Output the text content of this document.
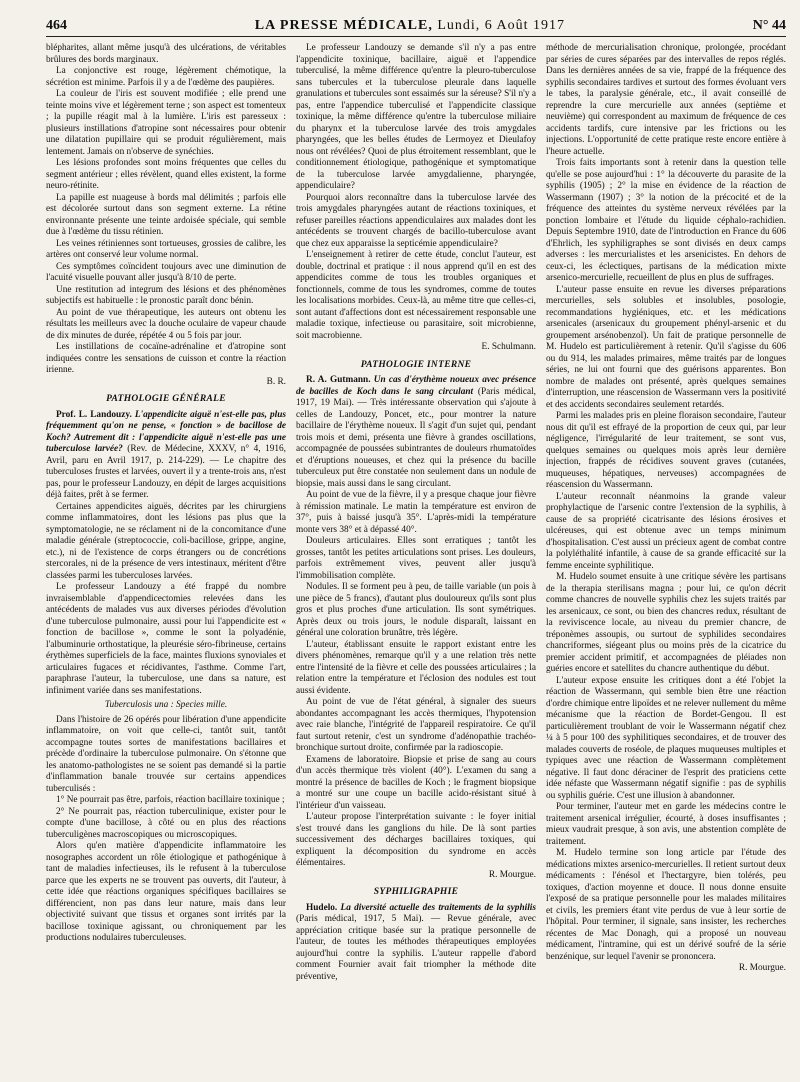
464	LA PRESSE MÉDICALE, Lundi, 6 Août 1917	N° 44

blépharites, allant même jusqu'à des ulcérations, de véritables brûlures des bords marginaux.

La conjonctive est rouge, légèrement chémotique, la sécrétion est minime. Parfois il y a de l'œdème des paupières.

La couleur de l'iris est souvent modifiée ; elle prend une teinte moins vive et légèrement terne ; son aspect est tomenteux ; la pupille réagit mal à la lumière. L'iris est paresseux : plusieurs instillations d'atropine sont nécessaires pour obtenir une dilatation pupillaire qui se produit régulièrement, mais lentement. Jamais on n'observe de synéchies.

Les lésions profondes sont moins fréquentes que celles du segment antérieur ; elles révèlent, quand elles existent, la forme neuro-rétinite.

La papille est nuageuse à bords mal délimités ; parfois elle est décolorée surtout dans son segment externe. La rétine environnante présente une teinte ardoisée spéciale, qui semble due à l'œdème du tissu rétinien.

Les veines rétiniennes sont tortueuses, grossies de calibre, les artères ont conservé leur volume normal.

Ces symptômes coïncident toujours avec une diminution de l'acuité visuelle pouvant aller jusqu'à 8/10 de perte.

Une restitution ad integrum des lésions et des phénomènes subjectifs est habituelle : le pronostic paraît donc bénin.

Au point de vue thérapeutique, les auteurs ont obtenu les résultats les meilleurs avec la douche oculaire de vapeur chaude de dix minutes de durée, répétée 4 ou 5 fois par jour.

Les instillations de cocaïne-adrénaline et d'atropine sont indiquées contre les sensations de cuisson et contre la réaction irienne.

B. R.
PATHOLOGIE GÉNÉRALE

Prof. L. Landouzy. L'appendicite aiguë n'est-elle pas, plus fréquemment qu'on ne pense, « fonction » de bacillose de Koch? Autrement dit : l'appendicite aiguë n'est-elle pas une tuberculose larvée? (Rev. de Médecine, XXXV, n° 4, 1916, Avril, paru en Avril 1917, p. 214-229). — Le chapitre des tuberculoses frustes et larvées, ouvert il y a trente-trois ans, n'est pas, pour le professeur Landouzy, en dépit de larges acquisitions déjà faites, prêt à se fermer.

Certaines appendicites aiguës, décrites par les chirurgiens comme inflammatoires, dont les lésions pas plus que la symptomatologie, ne se réclament ni de la concomitance d'une maladie générale (streptococcie, coli-bacillose, grippe, angine, etc.), ni de l'existence de corps étrangers ou de concrétions stercorales, ni de la présence de vers intestinaux, méritent d'être classées parmi les tuberculoses larvées.

Le professeur Landouzy a été frappé du nombre invraisemblable d'appendicectomies relevées dans les antécédents de malades vus aux diverses périodes d'évolution d'une tuberculose pulmonaire, aussi pour lui l'appendicite est « fonction de bacillose », comme le sont la polyadénie, l'albuminurie orthostatique, la pleurésie séro-fibrineuse, certains érythèmes superficiels de la face, maintes fluxions synoviales et articulaires fugaces et récidivantes, l'asthme. Comme l'art, paraphrase l'auteur, la tuberculose, une dans sa nature, est infiniment variée dans ses manifestations.

Tuberculosis una : Species mille.

Dans l'histoire de 26 opérés pour libération d'une appendicite inflammatoire, on voit que celle-ci, tantôt suit, tantôt accompagne toutes sortes de manifestations bacillaires et précède d'ordinaire la tuberculose pulmonaire. On s'étonne que les anatomo-pathologistes ne se soient pas demandé si la partie d'inflammation banale trouvée sur certains appendices tuberculisés :

1° Ne pourrait pas être, parfois, réaction bacillaire toxinique ;

2° Ne pourrait pas, réaction tuberculinique, exister pour le compte d'une bacillose, à côté ou en plus des réactions tuberculigènes macroscopiques ou microscopiques.

Alors qu'en matière d'appendicite inflammatoire les nosographes accordent un rôle étiologique et pathogénique à tant de maladies infectieuses, ils le refusent à la tuberculose parce que les experts ne se trouvent pas ouverts, dit l'auteur, à cette idée que réactions organiques spécifiques bacillaires se différencient, non pas dans leur nature, mais dans leur objectivité suivant que tissus et organes sont irrités par la bacillose toxinique agissant, ou chroniquement par les productions nodulaires tuberculeuses.

Le professeur Landouzy se demande s'il n'y a pas entre l'appendicite toxinique, bacillaire, aiguë et l'appendice tuberculisé, la même différence qu'entre la pleuro-tuberculose sans tubercules et la tuberculose pleurale dans laquelle granulations et tubercules sont essaimés sur la séreuse? S'il n'y a pas, entre l'appendice tuberculisé et l'appendicite classique toxinique, la même différence qu'entre la tuberculose miliaire du pharynx et la tuberculose larvée des trois amygdales pharyngées, que les belles études de Lermoyez et Dieulafoy nous ont révélées? Quoi de plus étroitement ressemblant, que le conditionnement étiologique, pathogénique et symptomatique de la tuberculose larvée amygdalienne, pharyngée, appendiculaire?

Pourquoi alors reconnaître dans la tuberculose larvée des trois amygdales pharyngées autant de réactions toxiniques, et refuser pareilles réactions appendiculaires aux malades dont les antécédents se trouvent chargés de bacillo-tuberculose avant que chez eux apparaisse la septicémie appendiculaire?

L'enseignement à retirer de cette étude, conclut l'auteur, est double, doctrinal et pratique : il nous apprend qu'il en est des appendicites comme de tous les troubles organiques et fonctionnels, comme de tous les syndromes, comme de toutes les localisations morbides. Ceux-là, au même titre que celles-ci, sont autant d'affections dont est nécessairement responsable une maladie toxique, infectieuse ou parasitaire, soit microbienne, soit macrobienne.

E. Schulmann.
PATHOLOGIE INTERNE

R. A. Gutmann. Un cas d'érythème noueux avec présence de bacilles de Koch dans le sang circulant (Paris médical, 1917, 19 Mai). — Très intéressante observation qui s'ajoute à celles de Landouzy, Poncet, etc., pour montrer la nature bacillaire de l'érythème noueux. Il s'agit d'un sujet qui, pendant trois mois et demi, présenta une fièvre à grandes oscillations, accompagnée de poussées subintrantes de douleurs rhumatoïdes et d'éruptions noueuses, et chez qui la présence du bacille tuberculeux put être constatée non seulement dans un nodule de biopsie, mais aussi dans le sang circulant.

Au point de vue de la fièvre, il y a presque chaque jour fièvre à rémission matinale. Le matin la température est environ de 37°, puis à baissé jusqu'à 35°. L'après-midi la température monte vers 38° et à dépassé 40°.

Douleurs articulaires. Elles sont erratiques ; tantôt les grosses, tantôt les petites articulations sont prises. Les douleurs, parfois extrêmement vives, peuvent aller jusqu'à l'immobilisation complète.

Nodules. Il se forment peu à peu, de taille variable (un pois à une pièce de 5 francs), d'autant plus douloureux qu'ils sont plus gros et plus proches d'une articulation. Ils sont symétriques. Après deux ou trois jours, le nodule disparaît, laissant en général une coloration brunâtre, très légère.

L'auteur, établissant ensuite le rapport existant entre les divers phénomènes, remarque qu'il y a une relation très nette entre l'intensité de la fièvre et celle des poussées articulaires ; la relation entre la température et l'éclosion des nodules est tout aussi évidente.

Au point de vue de l'état général, à signaler des sueurs abondantes accompagnant les accès thermiques, l'hypotension avec raie blanche, l'intégrité de l'appareil respiratoire. Ce qu'il faut surtout retenir, c'est un syndrome d'adénopathie trachéo-bronchique surtout droite, confirmée par la radioscopie.

Examens de laboratoire. Biopsie et prise de sang au cours d'un accès thermique très violent (40°). L'examen du sang a montré la présence de bacilles de Koch ; le fragment biopsique a montré sur une coupe un bacille acido-résistant situé à l'intérieur d'un vaisseau.

L'auteur propose l'interprétation suivante : le foyer initial s'est trouvé dans les ganglions du hile. De là sont parties successivement des décharges bacillaires toxiques, qui expliquent la décomposition du syndrome en accès élémentaires.

R. Mourgue.
SYPHILIGRAPHIE

Hudelo. La diversité actuelle des traitements de la syphilis (Paris médical, 1917, 5 Mai). — Revue générale, avec appréciation critique basée sur la pratique personnelle de l'auteur, de toutes les méthodes thérapeutiques employées aujourd'hui contre la syphilis. L'auteur rappelle d'abord comment Fournier avait fait triompher la méthode dite préventive,

méthode de mercurialisation chronique, prolongée, procédant par séries de cures séparées par des intervalles de repos réglés. Dans les dernières années de sa vie, frappé de la fréquence des syphilis secondaires tardives et surtout des formes évoluant vers le tabes, la paralysie générale, etc., il avait conseillé de reprendre la cure mercurielle aux années (septième et neuvième) qui correspondent au maximum de fréquence de ces accidents tardifs, cure intensive par les frictions ou les injections. L'opportunité de cette pratique reste encore entière à l'heure actuelle.

Trois faits importants sont à retenir dans la question telle qu'elle se pose aujourd'hui : 1° la découverte du parasite de la syphilis (1905) ; 2° la mise en évidence de la réaction de Wassermann (1907) ; 3° la notion de la précocité et de la fréquence des atteintes du système nerveux révélées par la ponction lombaire et l'étude du liquide céphalo-rachidien. Depuis Septembre 1910, date de l'introduction en France du 606 d'Ehrlich, les syphiligraphes se sont divisés en deux camps adverses : les mercurialistes et les arsenicistes. En dehors de ceux-ci, les éclectiques, partisans de la médication mixte arsenico-mercurielle, recueillent de plus en plus de suffrages.

L'auteur passe ensuite en revue les diverses préparations mercurielles, sels solubles et insolubles, posologie, recommandations hygiéniques, etc. et les médications arsenicales (arsenicaux du groupement phényl-arsenic et du groupement arsénobenzol). Un fait de pratique personnelle de M. Hudelo est particulièrement à retenir. Qu'il s'agisse du 606 ou du 914, les malades primaires, même traités par de longues séries, ne lui ont fourni que des guérisons apparentes. Bon nombre de malades ont présenté, après quelques semaines d'interruption, une réascension de Wassermann vers la positivité et des accidents secondaires seulement retardés.

Parmi les malades pris en pleine floraison secondaire, l'auteur nous dit qu'il est effrayé de la proportion de ceux qui, par leur négligence, l'irrégularité de leur traitement, se sont vus, quelques semaines ou quelques mois après leur dernière injection, frappés de récidives souvent graves (cutanées, muqueuses, hépatiques, nerveuses) accompagnées de réascension du Wassermann.

L'auteur reconnaît néanmoins la grande valeur prophylactique de l'arsenic contre l'extension de la syphilis, à cause de sa propriété cicatrisante des lésions érosives et ulcéreuses, qui est obtenue avec un temps minimum d'hospitalisation. C'est aussi un précieux agent de combat contre la polyléthalité infantile, à cause de sa grande efficacité sur la femme enceinte syphilitique.

M. Hudelo soumet ensuite à une critique sévère les partisans de la therapia sterilisans magna ; pour lui, ce qu'on décrit comme chancres de nouvelle syphilis chez les sujets traités par les arsenicaux, ce sont, ou bien des chancres redux, résultant de la reviviscence locale, au niveau du premier chancre, de tréponèmes assoupis, ou surtout de syphilides secondaires chancriformes, siégeant plus ou moins près de la cicatrice du premier accident primitif, et accompagnées de pléiades non guéries encore et satellites du chancre authentique du début.

L'auteur expose ensuite les critiques dont a été l'objet la réaction de Wassermann, qui semble bien être une réaction d'ordre chimique entre lipoïdes et ne relever nullement du même mécanisme que la réaction de Bordet-Gengou. Il est particulièrement troublant de voir le Wassermann négatif chez ¼ à 5 pour 100 des syphilitiques secondaires, et de trouver des malades couverts de roséole, de plaques muqueuses multiples et typiques avec une réaction de Wassermann complètement négative. Il faut donc déraciner de l'esprit des praticiens cette idée néfaste que Wassermann négatif signifie : pas de syphilis ou syphilis guérie. C'est une illusion à abandonner.

Pour terminer, l'auteur met en garde les médecins contre le traitement arsenical irrégulier, écourté, à doses insuffisantes ; mieux vaudrait presque, à son avis, une abstention complète de traitement.

M. Hudelo termine son long article par l'étude des médications mixtes arsenico-mercurielles. Il retient surtout deux médicaments : l'énésol et l'hectargyre, bien tolérés, peu toxiques, d'action moyenne et douce. Il nous donne ensuite l'exposé de sa pratique personnelle pour les malades militaires et civils, les premiers étant vite perdus de vue à leur sortie de l'hôpital. Pour terminer, il signale, sans insister, les recherches récentes de Mac Donagh, qui a proposé un nouveau médicament, l'intramine, qui est un dérivé soufré de la série benzénique, sur lequel l'avenir se prononcera.

R. Mourgue.
